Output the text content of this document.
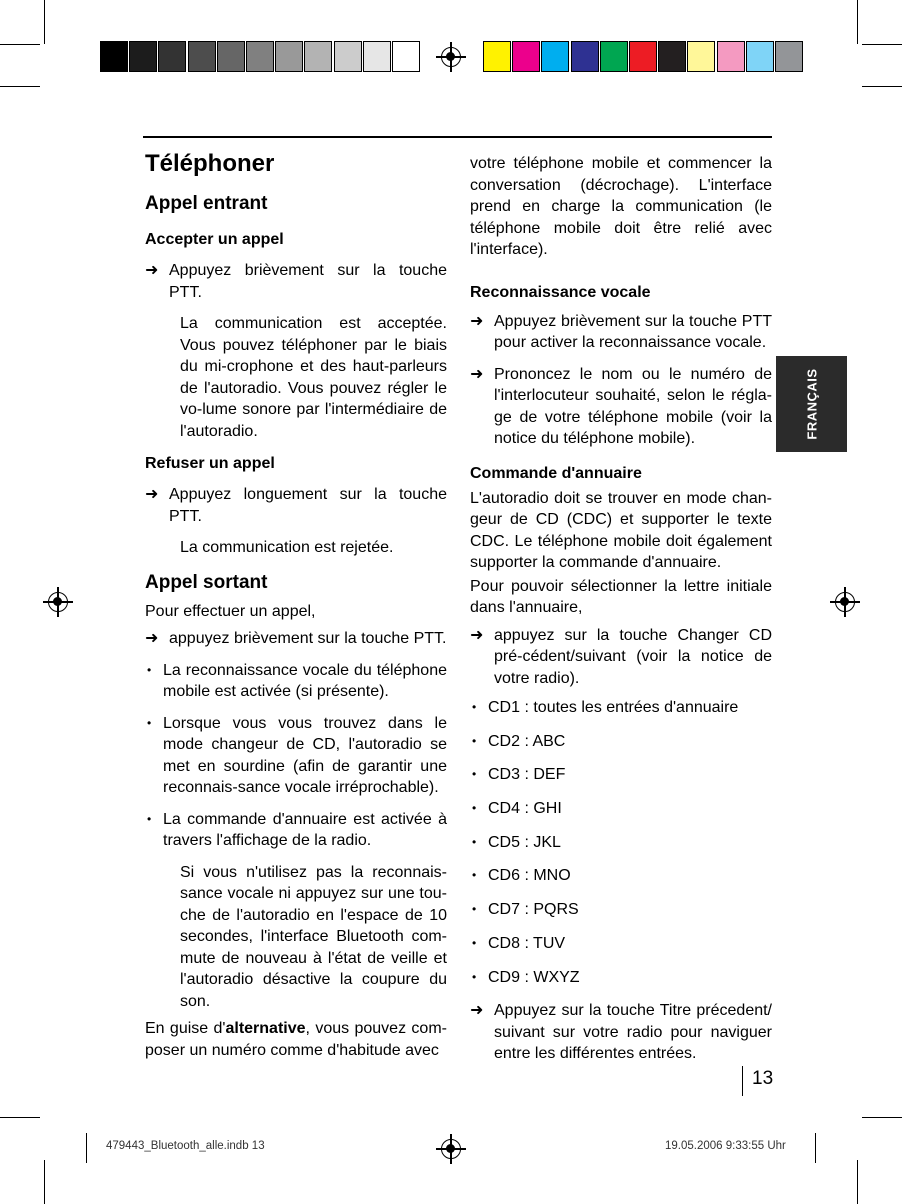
FRANÇAIS

Téléphoner

Appel entrant

Accepter un appel

➜ Appuyez brièvement sur la touche PTT.

La communication est acceptée. Vous pouvez téléphoner par le biais du mi-crophone et des haut-parleurs de l'autoradio. Vous pouvez régler le vo-lume sonore par l'intermédiaire de l'autoradio.

Refuser un appel

➜ Appuyez longuement sur la touche PTT.

La communication est rejetée.

Appel sortant

Pour effectuer un appel,

➜ appuyez brièvement sur la touche PTT.

• La reconnaissance vocale du téléphone mobile est activée (si présente).

• Lorsque vous vous trouvez dans le mode changeur de CD, l'autoradio se met en sourdine (afin de garantir une reconnais-sance vocale irréprochable).

• La commande d'annuaire est activée à travers l'affichage de la radio.

Si vous n'utilisez pas la reconnais-sance vocale ni appuyez sur une tou-che de l'autoradio en l'espace de 10 secondes, l'interface Bluetooth com-mute de nouveau à l'état de veille et l'autoradio désactive la coupure du son.

En guise d'alternative, vous pouvez com-poser un numéro comme d'habitude avec

votre téléphone mobile et commencer la conversation (décrochage). L'interface prend en charge la communication (le téléphone mobile doit être relié avec l'interface).

Reconnaissance vocale

➜ Appuyez brièvement sur la touche PTT pour activer la reconnaissance vocale.

➜ Prononcez le nom ou le numéro de l'interlocuteur souhaité, selon le régla-ge de votre téléphone mobile (voir la notice du téléphone mobile).

Commande d'annuaire

L'autoradio doit se trouver en mode chan-geur de CD (CDC) et supporter le texte CDC. Le téléphone mobile doit également supporter la commande d'annuaire.

Pour pouvoir sélectionner la lettre initiale dans l'annuaire,

➜ appuyez sur la touche Changer CD pré-cédent/suivant (voir la notice de votre radio).

• CD1 : toutes les entrées d'annuaire

• CD2 : ABC

• CD3 : DEF

• CD4 : GHI

• CD5 : JKL

• CD6 : MNO

• CD7 : PQRS

• CD8 : TUV

• CD9 : WXYZ

➜ Appuyez sur la touche Titre précedent/ suivant sur votre radio pour naviguer entre les différentes entrées.

13
479443_Bluetooth_alle.indb 13	19.05.2006 9:33:55 Uhr
